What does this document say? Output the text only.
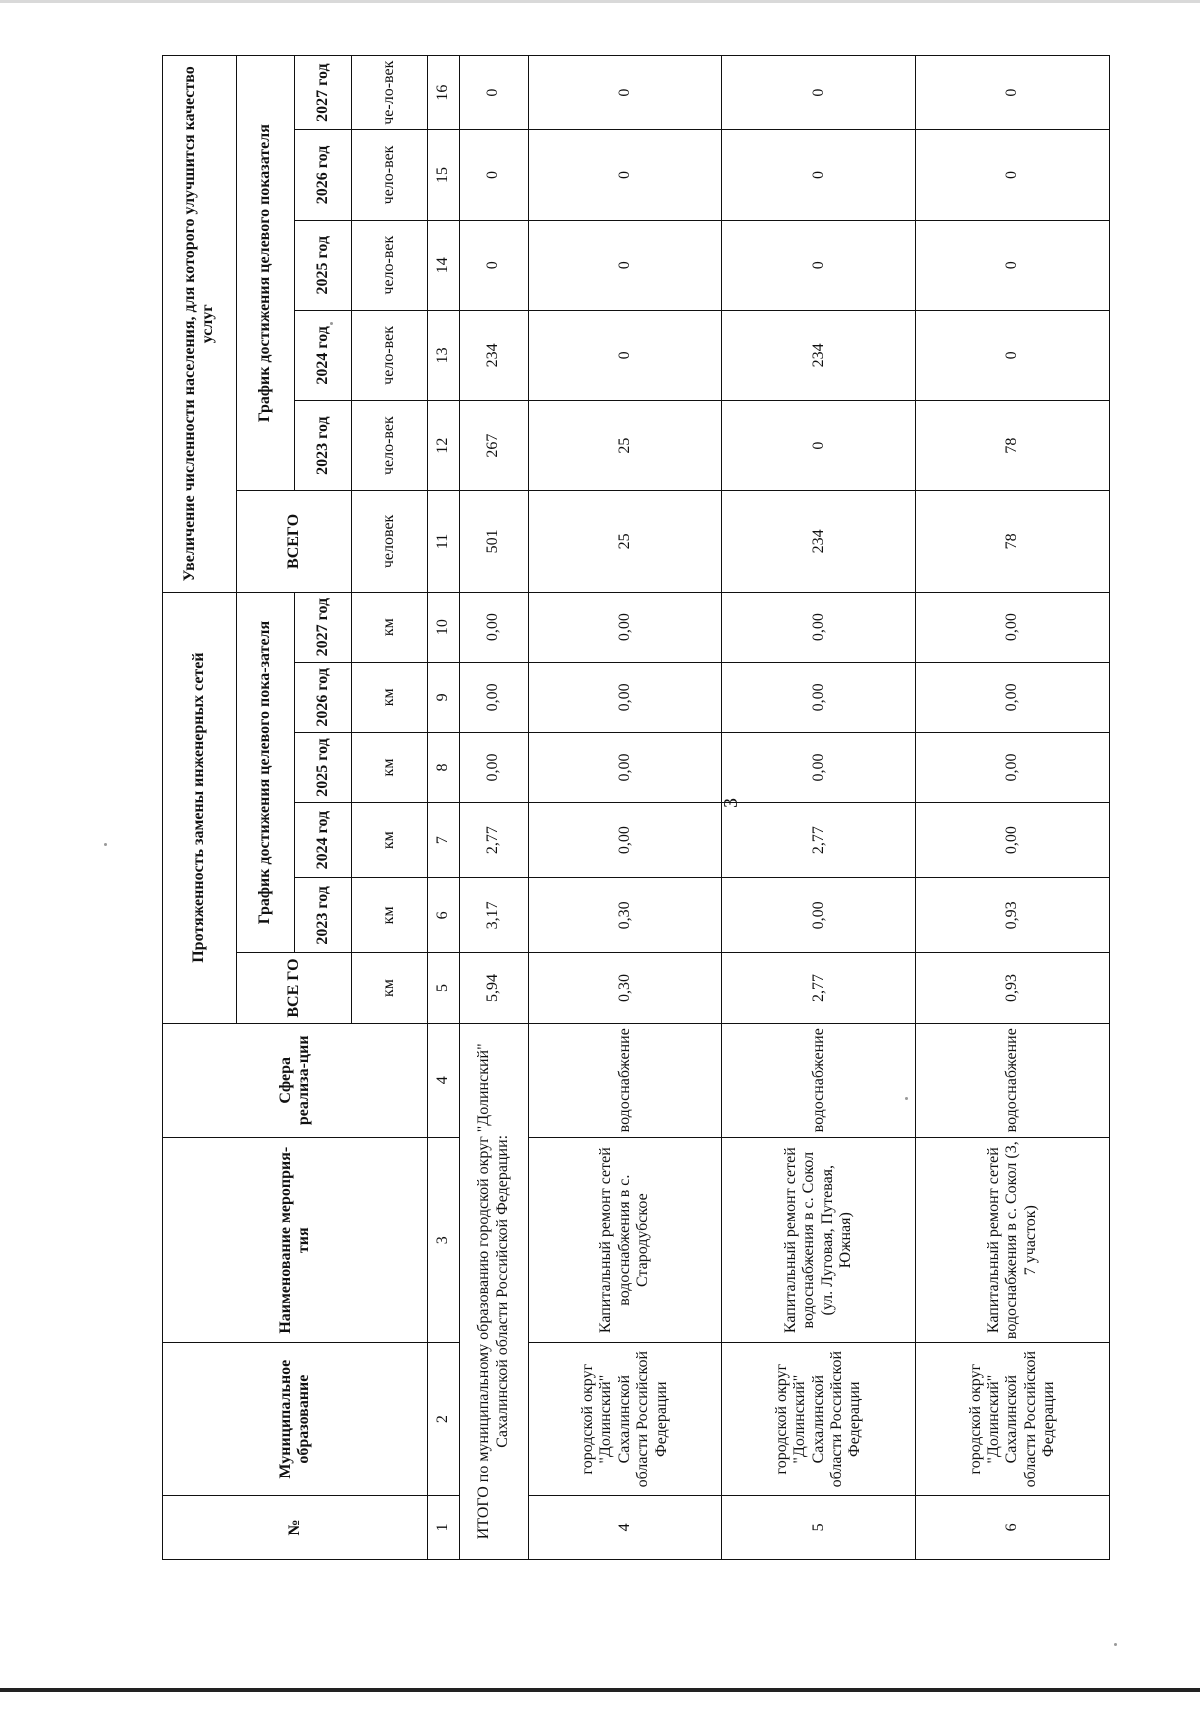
3
№	Муниципальное образование	Наименование мероприя-тия	Сфера реализа-ции	Протяженность замены инженерных сетей						Увеличение численности населения, для которого улучшится качество услуг					
				ВСЕ ГО	График достижения целевого пока-зателя					ВСЕГО	График достижения целевого показателя				
					2023 год	2024 год	2025 год	2026 год	2027 год		2023 год	2024 год	2025 год	2026 год	2027 год
				км	км	км	км	км	км	человек	чело-век	чело-век	чело-век	чело-век	че-ло-век
1	2	3	4	5	6	7	8	9	10	11	12	13	14	15	16
ИТОГО по муниципальному образованию городской округ "Долинский" Сахалинской области Российской Федерации:				5,94	3,17	2,77	0,00	0,00	0,00	501	267	234	0	0	0
4	городской округ "Долинский" Сахалинской области Российской Федерации	Капитальный ремонт сетей водоснабжения в с. Стародубское	водоснабжение	0,30	0,30	0,00	0,00	0,00	0,00	25	25	0	0	0	0
5	городской округ "Долинский" Сахалинской области Российской Федерации	Капитальный ремонт сетей водоснабжения в с. Сокол (ул. Луговая, Путевая, Южная)	водоснабжение	2,77	0,00	2,77	0,00	0,00	0,00	234	0	234	0	0	0
6	городской округ "Долинский" Сахалинской области Российской Федерации	Капитальный ремонт сетей водоснабжения в с. Сокол (3, 7 участок)	водоснабжение	0,93	0,93	0,00	0,00	0,00	0,00	78	78	0	0	0	0
